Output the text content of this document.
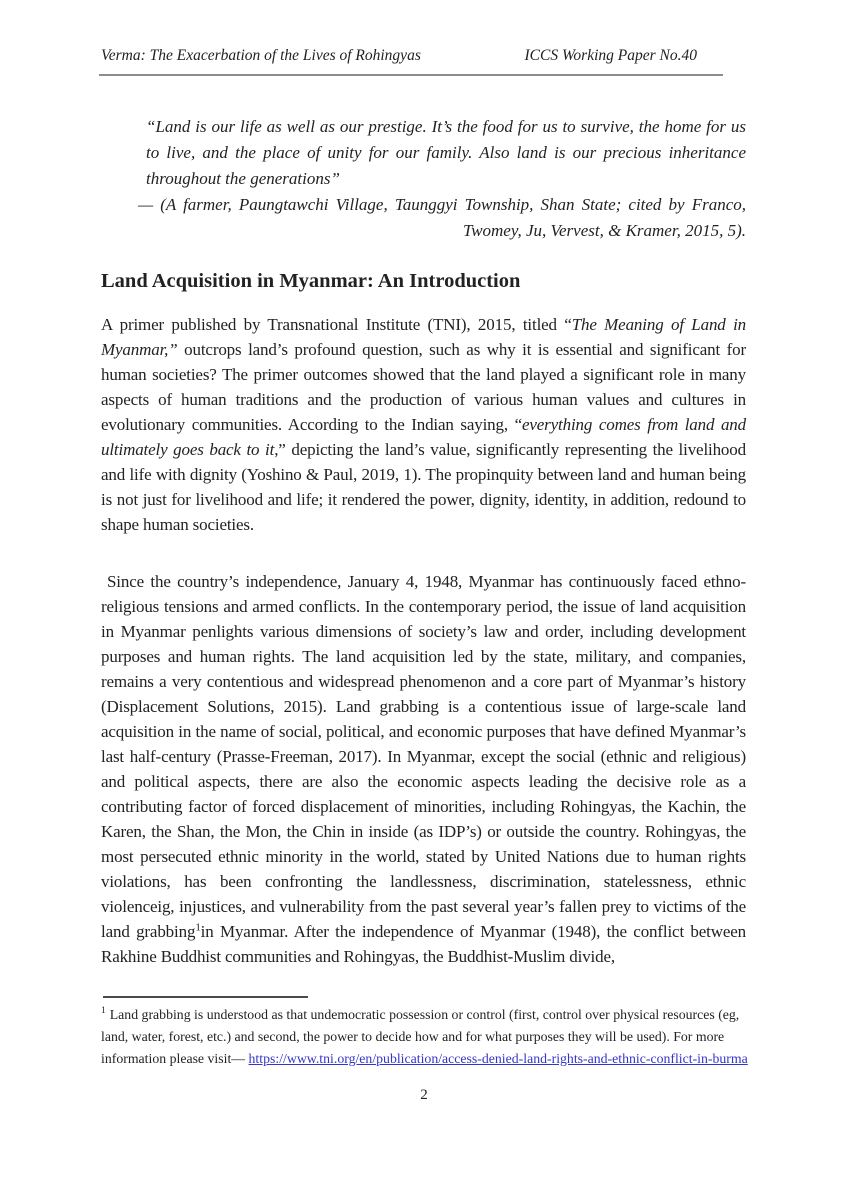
Verma: The Exacerbation of the Lives of Rohingyas	ICCS Working Paper No.40

“Land is our life as well as our prestige. It’s the food for us to survive, the home for us to live, and the place of unity for our family. Also land is our precious inheritance throughout the generations”

— (A farmer, Paungtawchi Village, Taunggyi Township, Shan State; cited by Franco, Twomey, Ju, Vervest, & Kramer, 2015, 5).

Land Acquisition in Myanmar: An Introduction

A primer published by Transnational Institute (TNI), 2015, titled “The Meaning of Land in Myanmar,” outcrops land’s profound question, such as why it is essential and significant for human societies? The primer outcomes showed that the land played a significant role in many aspects of human traditions and the production of various human values and cultures in evolutionary communities. According to the Indian saying, “everything comes from land and ultimately goes back to it,” depicting the land’s value, significantly representing the livelihood and life with dignity (Yoshino & Paul, 2019, 1). The propinquity between land and human being is not just for livelihood and life; it rendered the power, dignity, identity, in addition, redound to shape human societies.

Since the country’s independence, January 4, 1948, Myanmar has continuously faced ethno-religious tensions and armed conflicts. In the contemporary period, the issue of land acquisition in Myanmar penlights various dimensions of society’s law and order, including development purposes and human rights. The land acquisition led by the state, military, and companies, remains a very contentious and widespread phenomenon and a core part of Myanmar’s history (Displacement Solutions, 2015). Land grabbing is a contentious issue of large-scale land acquisition in the name of social, political, and economic purposes that have defined Myanmar’s last half-century (Prasse-Freeman, 2017). In Myanmar, except the social (ethnic and religious) and political aspects, there are also the economic aspects leading the decisive role as a contributing factor of forced displacement of minorities, including Rohingyas, the Kachin, the Karen, the Shan, the Mon, the Chin in inside (as IDP’s) or outside the country. Rohingyas, the most persecuted ethnic minority in the world, stated by United Nations due to human rights violations, has been confronting the landlessness, discrimination, statelessness, ethnic violenceig, injustices, and vulnerability from the past several year’s fallen prey to victims of the land grabbing$^1$in Myanmar. After the independence of Myanmar (1948), the conflict between Rakhine Buddhist communities and Rohingyas, the Buddhist-Muslim divide,

$^1$ Land grabbing is understood as that undemocratic possession or control (first, control over physical resources (eg, land, water, forest, etc.) and second, the power to decide how and for what purposes they will be used). For more information please visit— https://www.tni.org/en/publication/access-denied-land-rights-and-ethnic-conflict-in-burma

2
